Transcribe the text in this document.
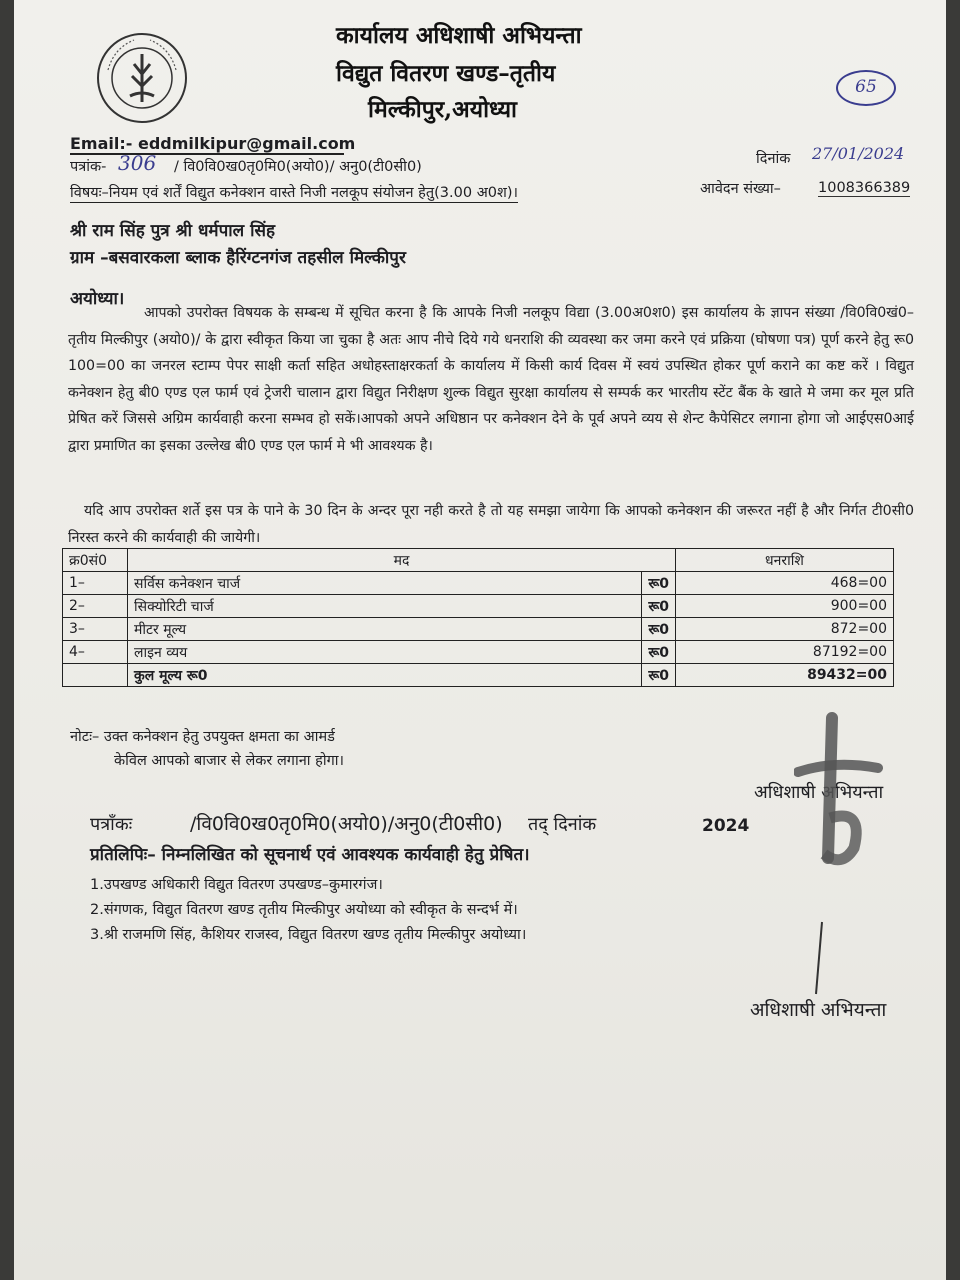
कार्यालय अधिशाषी अभियन्ता
विद्युत वितरण खण्ड–तृतीय
मिल्कीपुर,अयोध्या
65
Email:- eddmilkipur@gmail.com
पत्रांक- 306 / वि0वि0ख0तृ0मि0(अयो0)/ अनु0(टी0सी0)	दिनांक 27/01/2024
आवेदन संख्या–	1008366389
विषयः–नियम एवं शर्तें विद्युत कनेक्शन वास्ते निजी नलकूप संयोजन हेतु(3.00 अ0श)।
श्री राम सिंह पुत्र श्री धर्मपाल सिंह
ग्राम –बसवारकला ब्लाक हैरिंग्टनगंज तहसील मिल्कीपुर
अयोध्या।
आपको उपरोक्त विषयक के सम्बन्ध में सूचित करना है कि आपके निजी नलकूप विद्या (3.00अ0श0) इस कार्यालय के ज्ञापन संख्या /वि0वि0खं0– तृतीय मिल्कीपुर (अयो0)/ के द्वारा स्वीकृत किया जा चुका है अतः आप नीचे दिये गये धनराशि की व्यवस्था कर जमा करने एवं प्रक्रिया (घोषणा पत्र) पूर्ण करने हेतु रू0 100=00 का जनरल स्टाम्प पेपर साक्षी कर्ता सहित अधोहस्ताक्षरकर्ता के कार्यालय में किसी कार्य दिवस में स्वयं उपस्थित होकर पूर्ण कराने का कष्ट करें । विद्युत कनेक्शन हेतु बी0 एण्ड एल फार्म एवं ट्रेजरी चालान द्वारा विद्युत निरीक्षण शुल्क विद्युत सुरक्षा कार्यालय से सम्पर्क कर भारतीय स्टेंट बैंक के खाते मे जमा कर मूल प्रति प्रेषित करें जिससे अग्रिम कार्यवाही करना सम्भव हो सकें।आपको अपने अधिष्ठान पर कनेक्शन देने के पूर्व अपने व्यय से शेन्ट कैपेसिटर लगाना होगा जो आईएस0आई द्वारा प्रमाणित का इसका उल्लेख बी0 एण्ड एल फार्म मे भी आवश्यक है।
यदि आप उपरोक्त शर्ते इस पत्र के पाने के 30 दिन के अन्दर पूरा नही करते है तो यह समझा जायेगा कि आपको कनेक्शन की जरूरत नहीं है और निर्गत टी0सी0 निरस्त करने की कार्यवाही की जायेगी।
क्र0सं0	मद		धनराशि
1–	सर्विस कनेक्शन चार्ज	रू0	468=00
2–	सिक्योरिटी चार्ज	रू0	900=00
3–	मीटर मूल्य	रू0	872=00
4–	लाइन व्यय	रू0	87192=00
	कुल मूल्य रू0	रू0	89432=00
नोटः– उक्त कनेक्शन हेतु उपयुक्त क्षमता का आमर्ड
केविल आपको बाजार से लेकर लगाना होगा।
अधिशाषी अभियन्ता
पत्राँकः	/वि0वि0ख0तृ0मि0(अयो0)/अनु0(टी0सी0) तद् दिनांक	2024
प्रतिलिपिः– निम्नलिखित को सूचनार्थ एवं आवश्यक कार्यवाही हेतु प्रेषित।
1.उपखण्ड अधिकारी विद्युत वितरण उपखण्ड–कुमारगंज।
2.संगणक, विद्युत वितरण खण्ड तृतीय मिल्कीपुर अयोध्या को स्वीकृत के सन्दर्भ में।
3.श्री राजमणि सिंह, कैशियर राजस्व, विद्युत वितरण खण्ड तृतीय मिल्कीपुर अयोध्या।
अधिशाषी अभियन्ता
